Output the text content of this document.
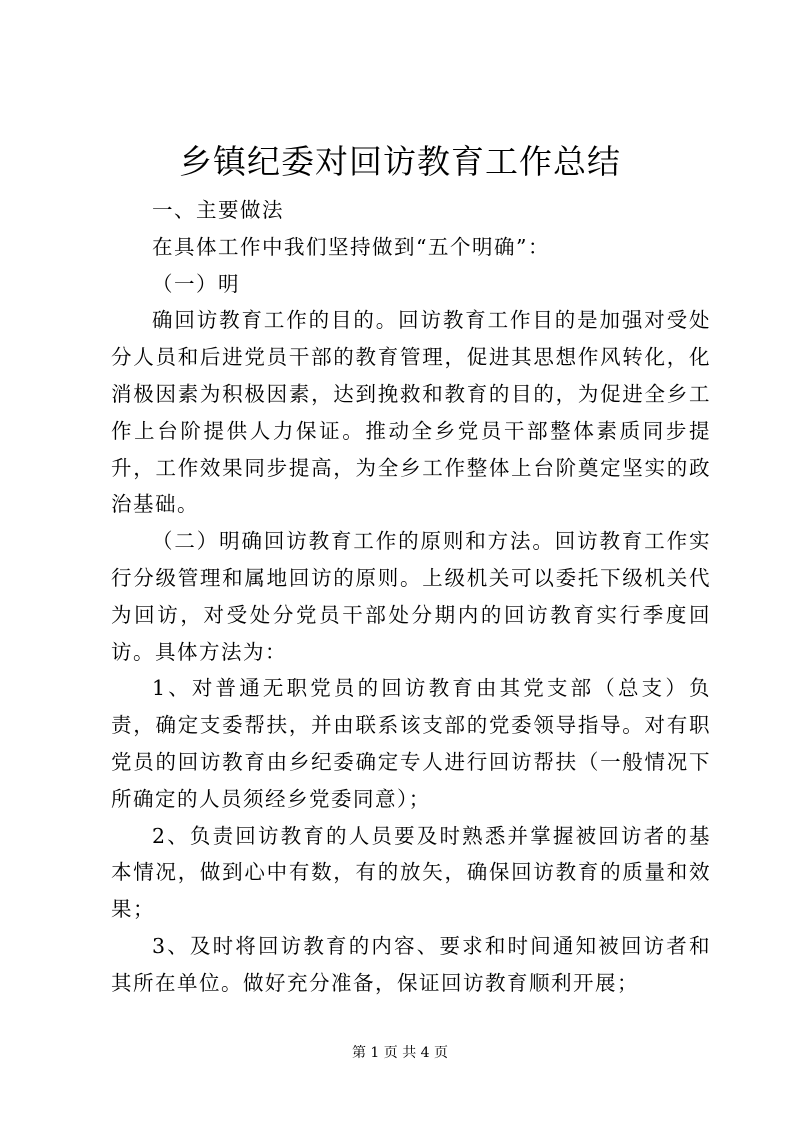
乡镇纪委对回访教育工作总结

一、主要做法

在具体工作中我们坚持做到“五个明确”：

（一）明

确回访教育工作的目的。回访教育工作目的是加强对受处分人员和后进党员干部的教育管理，促进其思想作风转化，化消极因素为积极因素，达到挽救和教育的目的，为促进全乡工作上台阶提供人力保证。推动全乡党员干部整体素质同步提升，工作效果同步提高，为全乡工作整体上台阶奠定坚实的政治基础。

（二）明确回访教育工作的原则和方法。回访教育工作实行分级管理和属地回访的原则。上级机关可以委托下级机关代为回访，对受处分党员干部处分期内的回访教育实行季度回访。具体方法为：

1、对普通无职党员的回访教育由其党支部（总支）负责，确定支委帮扶，并由联系该支部的党委领导指导。对有职党员的回访教育由乡纪委确定专人进行回访帮扶（一般情况下所确定的人员须经乡党委同意）；

2、负责回访教育的人员要及时熟悉并掌握被回访者的基本情况，做到心中有数，有的放矢，确保回访教育的质量和效果；

3、及时将回访教育的内容、要求和时间通知被回访者和其所在单位。做好充分准备，保证回访教育顺利开展；

第 1 页 共 4 页
